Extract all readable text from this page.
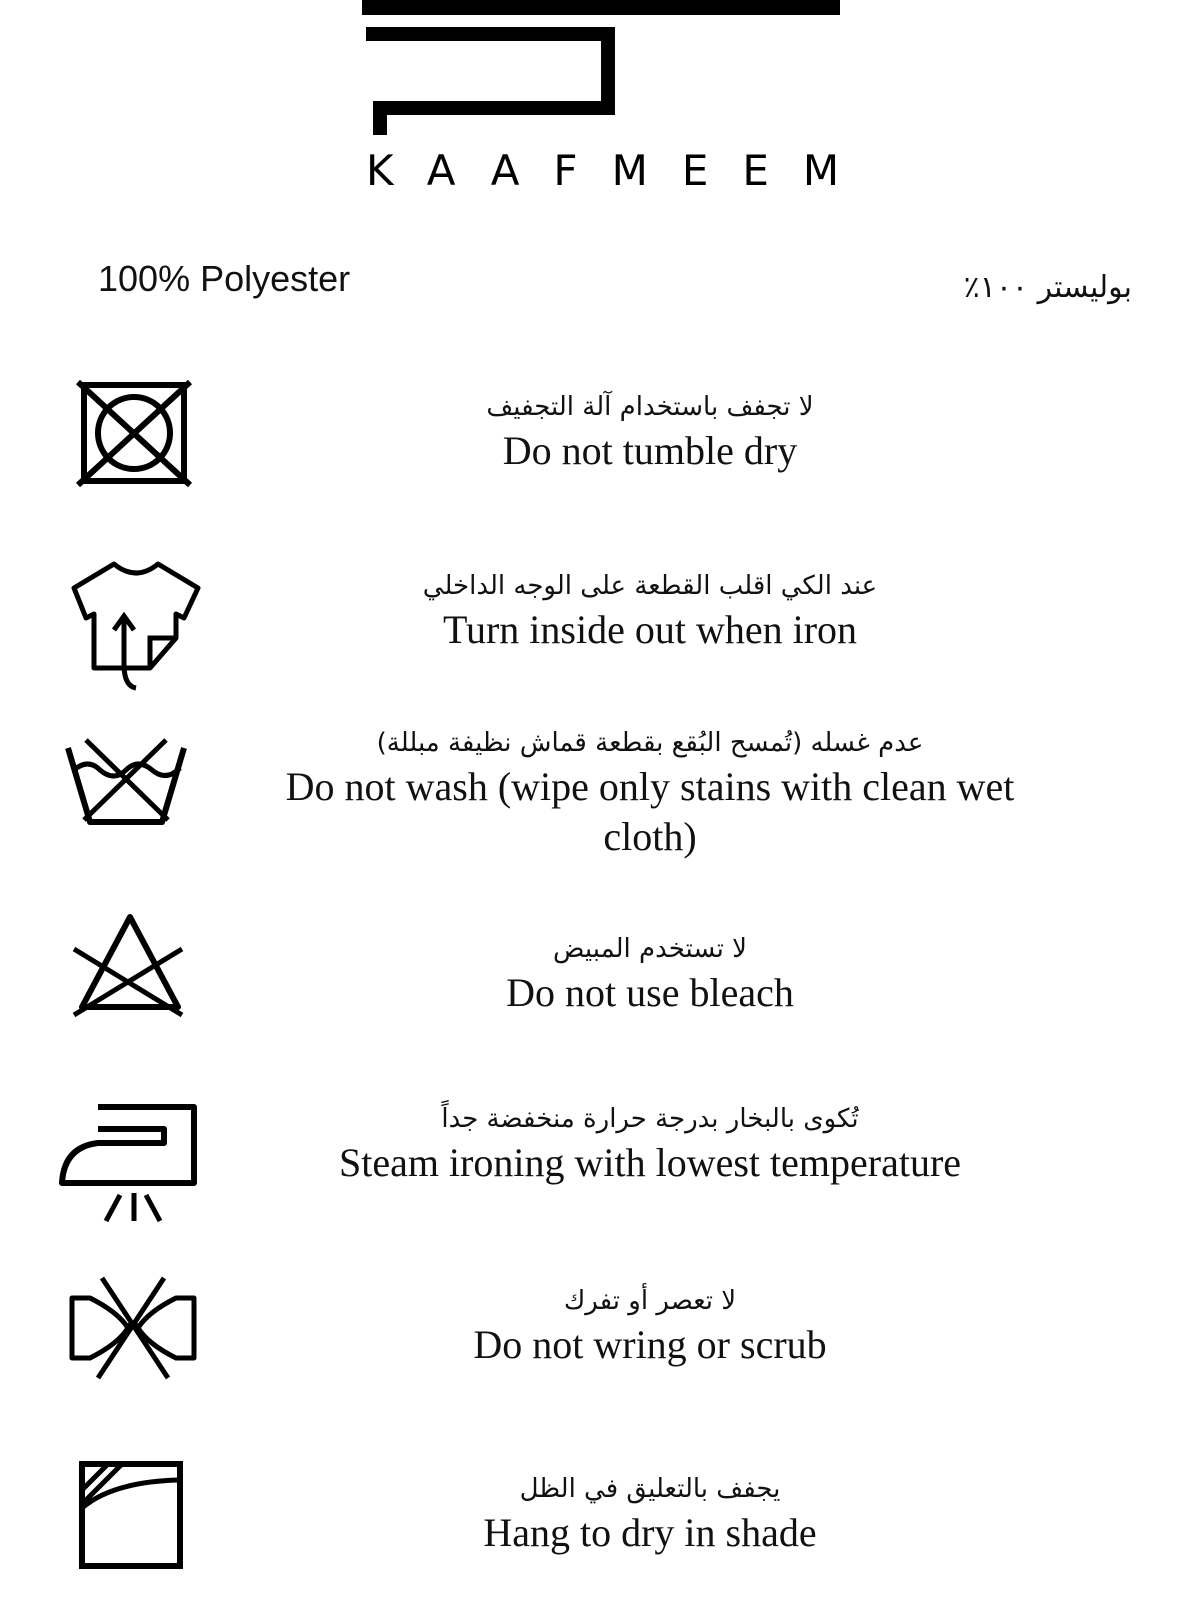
KAAFMEEM
100% Polyester	بوليستر ١٠٠٪
لا تجفف باستخدام آلة التجفيف
Do not tumble dry
عند الكي اقلب القطعة على الوجه الداخلي
Turn inside out when iron
عدم غسله (تُمسح البُقع بقطعة قماش نظيفة مبللة)
Do not wash (wipe only stains with clean wet cloth)
لا تستخدم المبيض
Do not use bleach
تُكوى بالبخار بدرجة حرارة منخفضة جداً
Steam ironing with lowest temperature
لا تعصر أو تفرك
Do not wring or scrub
يجفف بالتعليق في الظل
Hang to dry in shade
